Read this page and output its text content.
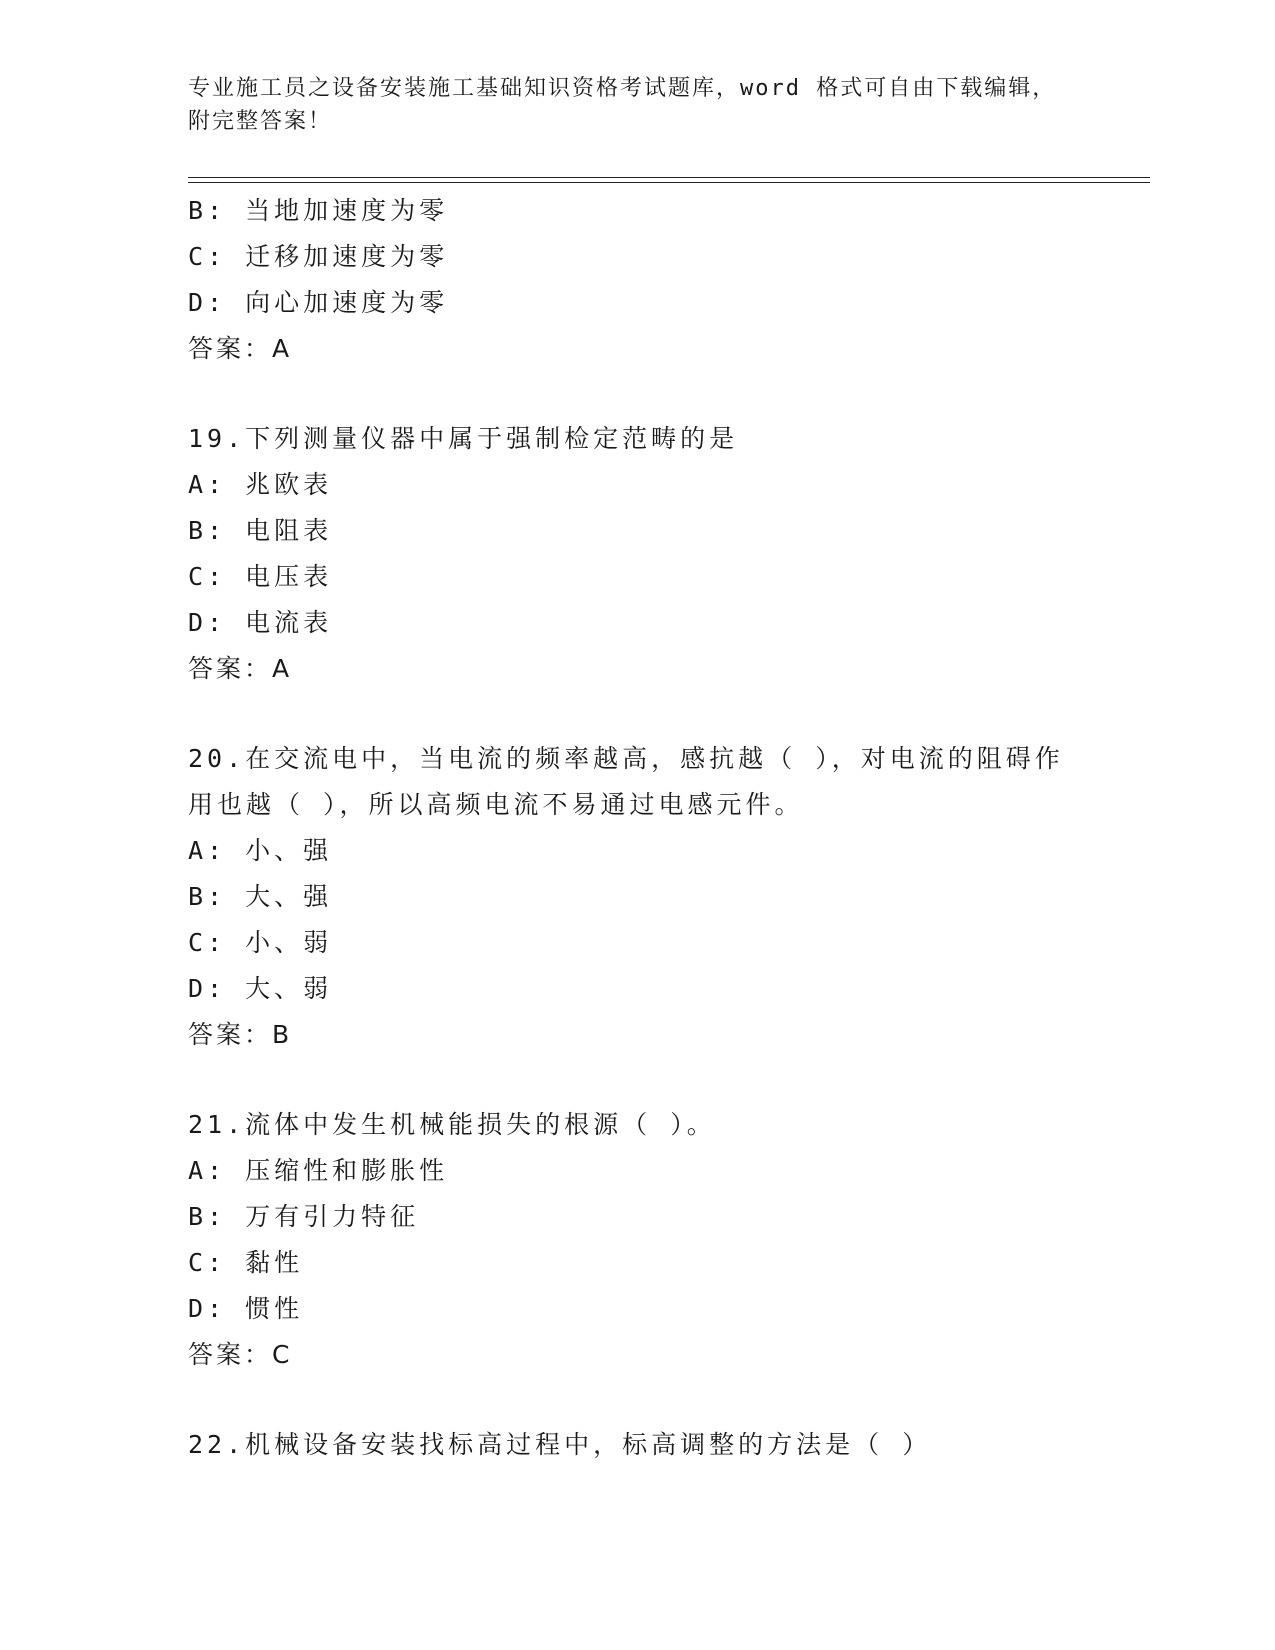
专业施工员之设备安装施工基础知识资格考试题库，word 格式可自由下载编辑，
附完整答案！
B: 当地加速度为零
C: 迁移加速度为零
D: 向心加速度为零
答案：A
19.下列测量仪器中属于强制检定范畴的是
A: 兆欧表
B: 电阻表
C: 电压表
D: 电流表
答案：A
20.在交流电中，当电流的频率越高，感抗越（ ），对电流的阻碍作
用也越（ ），所以高频电流不易通过电感元件。
A: 小、强
B: 大、强
C: 小、弱
D: 大、弱
答案：B
21.流体中发生机械能损失的根源（ ）。
A: 压缩性和膨胀性
B: 万有引力特征
C: 黏性
D: 惯性
答案：C
22.机械设备安装找标高过程中，标高调整的方法是（ ）
